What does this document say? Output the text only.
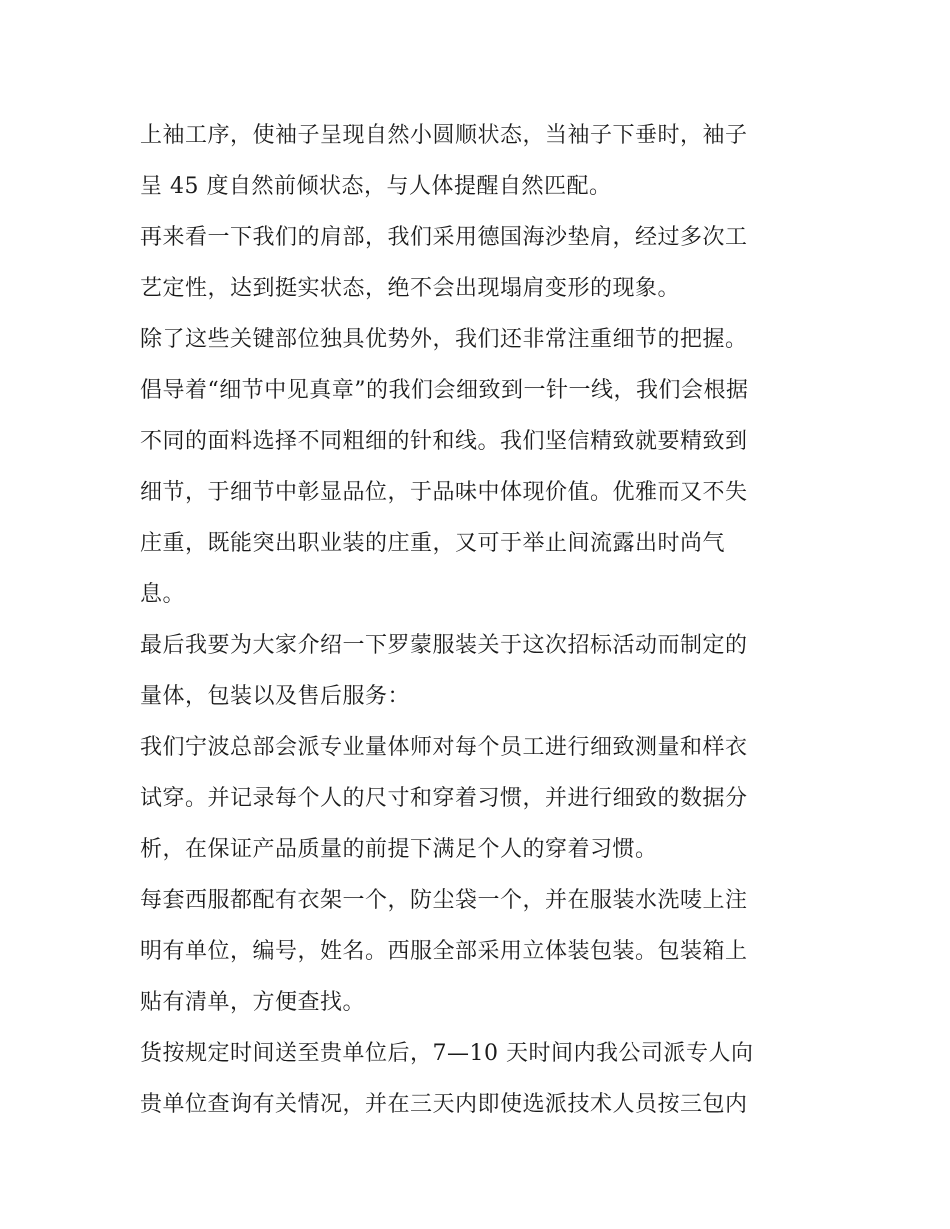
上袖工序，使袖子呈现自然小圆顺状态，当袖子下垂时，袖子
呈 45 度自然前倾状态，与人体提醒自然匹配。

再来看一下我们的肩部，我们采用德国海沙垫肩，经过多次工
艺定性，达到挺实状态，绝不会出现塌肩变形的现象。

除了这些关键部位独具优势外，我们还非常注重细节的把握。
倡导着“细节中见真章”的我们会细致到一针一线，我们会根据
不同的面料选择不同粗细的针和线。我们坚信精致就要精致到
细节，于细节中彰显品位，于品味中体现价值。优雅而又不失
庄重，既能突出职业装的庄重，又可于举止间流露出时尚气
息。

最后我要为大家介绍一下罗蒙服装关于这次招标活动而制定的
量体，包装以及售后服务：

我们宁波总部会派专业量体师对每个员工进行细致测量和样衣
试穿。并记录每个人的尺寸和穿着习惯，并进行细致的数据分
析，在保证产品质量的前提下满足个人的穿着习惯。

每套西服都配有衣架一个，防尘袋一个，并在服装水洗唛上注
明有单位，编号，姓名。西服全部采用立体装包装。包装箱上
贴有清单，方便查找。

货按规定时间送至贵单位后，7—10 天时间内我公司派专人向
贵单位查询有关情况，并在三天内即使选派技术人员按三包内
